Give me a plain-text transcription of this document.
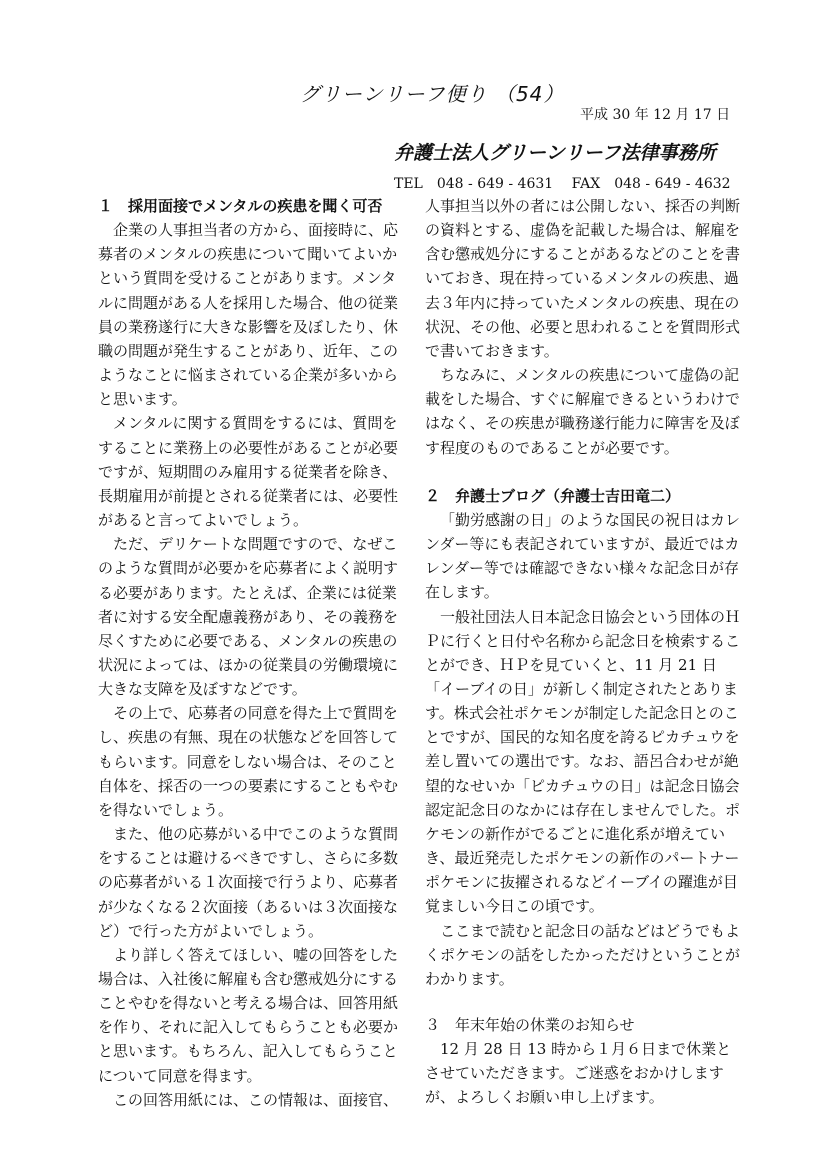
グリーンリーフ便り （54）
平成 30 年 12 月 17 日
弁護士法人グリーンリーフ法律事務所
TEL　048 - 649 - 4631　 FAX　048 - 649 - 4632
１　採用面接でメンタルの疾患を聞く可否

企業の人事担当者の方から、面接時に、応募者のメンタルの疾患について聞いてよいかという質問を受けることがあります。メンタルに問題がある人を採用した場合、他の従業員の業務遂行に大きな影響を及ぼしたり、休職の問題が発生することがあり、近年、このようなことに悩まされている企業が多いからと思います。

メンタルに関する質問をするには、質問をすることに業務上の必要性があることが必要ですが、短期間のみ雇用する従業者を除き、長期雇用が前提とされる従業者には、必要性があると言ってよいでしょう。

ただ、デリケートな問題ですので、なぜこのような質問が必要かを応募者によく説明する必要があります。たとえば、企業には従業者に対する安全配慮義務があり、その義務を尽くすために必要である、メンタルの疾患の状況によっては、ほかの従業員の労働環境に大きな支障を及ぼすなどです。

その上で、応募者の同意を得た上で質問をし、疾患の有無、現在の状態などを回答してもらいます。同意をしない場合は、そのこと自体を、採否の一つの要素にすることもやむを得ないでしょう。

また、他の応募がいる中でこのような質問をすることは避けるべきですし、さらに多数の応募者がいる１次面接で行うより、応募者が少なくなる２次面接（あるいは３次面接など）で行った方がよいでしょう。

より詳しく答えてほしい、嘘の回答をした場合は、入社後に解雇も含む懲戒処分にすることやむを得ないと考える場合は、回答用紙を作り、それに記入してもらうことも必要かと思います。もちろん、記入してもらうことについて同意を得ます。

この回答用紙には、この情報は、面接官、

人事担当以外の者には公開しない、採否の判断の資料とする、虚偽を記載した場合は、解雇を含む懲戒処分にすることがあるなどのことを書いておき、現在持っているメンタルの疾患、過去３年内に持っていたメンタルの疾患、現在の状況、その他、必要と思われることを質問形式で書いておきます。

ちなみに、メンタルの疾患について虚偽の記載をした場合、すぐに解雇できるというわけではなく、その疾患が職務遂行能力に障害を及ぼす程度のものであることが必要です。

２　弁護士ブログ（弁護士吉田竜二）

「勤労感謝の日」のような国民の祝日はカレンダー等にも表記されていますが、最近ではカレンダー等では確認できない様々な記念日が存在します。

一般社団法人日本記念日協会という団体のＨＰに行くと日付や名称から記念日を検索することができ、ＨＰを見ていくと、11 月 21 日「イーブイの日」が新しく制定されたとあります。株式会社ポケモンが制定した記念日とのことですが、国民的な知名度を誇るピカチュウを差し置いての選出です。なお、語呂合わせが絶望的なせいか「ピカチュウの日」は記念日協会認定記念日のなかには存在しませんでした。ポケモンの新作がでるごとに進化系が増えていき、最近発売したポケモンの新作のパートナーポケモンに抜擢されるなどイーブイの躍進が目覚ましい今日この頃です。

ここまで読むと記念日の話などはどうでもよくポケモンの話をしたかっただけということがわかります。

３　年末年始の休業のお知らせ

12 月 28 日 13 時から１月６日まで休業とさせていただきます。ご迷惑をおかけしますが、よろしくお願い申し上げます。
